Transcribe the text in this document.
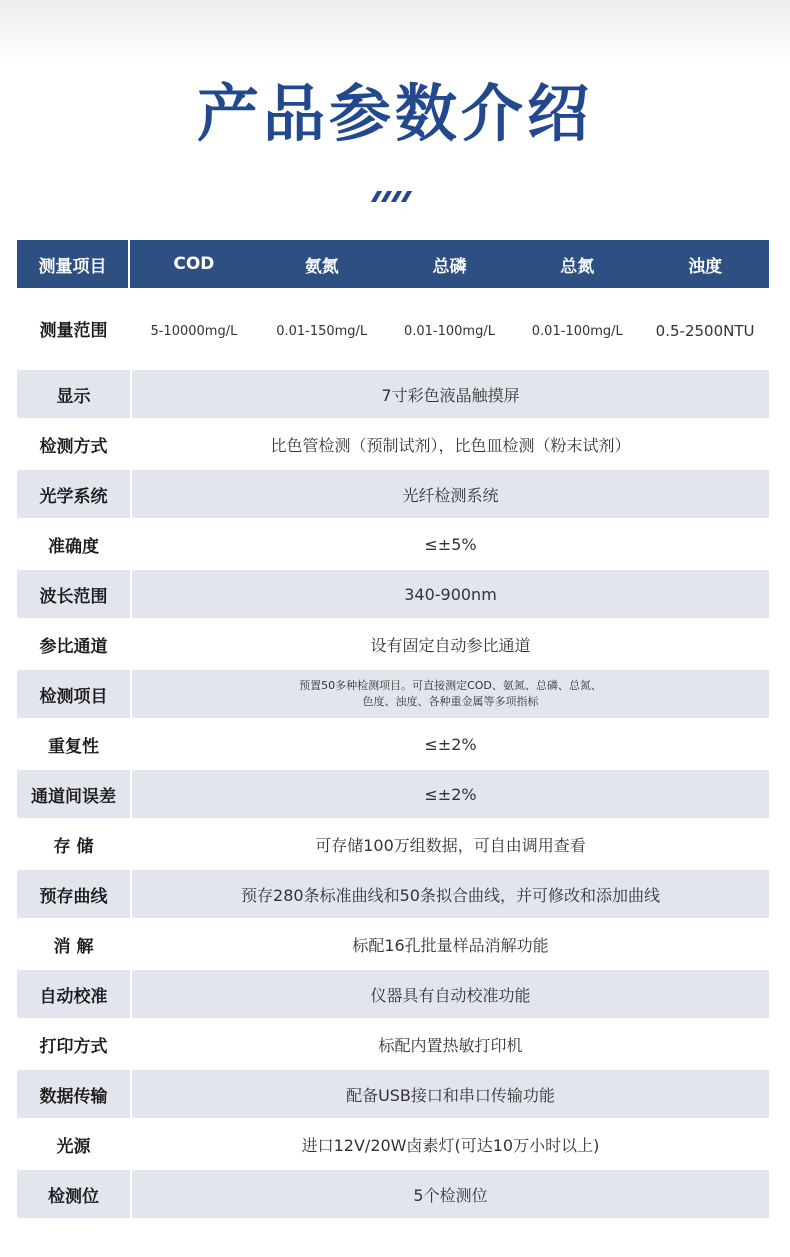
产品参数介绍
测量项目	COD	氨氮	总磷	总氮	浊度
测量范围	5-10000mg/L	0.01-150mg/L	0.01-100mg/L	0.01-100mg/L	0.5-2500NTU
显示	7寸彩色液晶触摸屏
检测方式	比色管检测（预制试剂），比色皿检测（粉末试剂）
光学系统	光纤检测系统
准确度	≤±5%
波长范围	340-900nm
参比通道	设有固定自动参比通道
检测项目
预置50多种检测项目。可直接测定COD、氨氮、总磷、总氮、
色度、浊度、各种重金属等多项指标
重复性	≤±2%
通道间误差	≤±2%
存 储	可存储100万组数据，可自由调用查看
预存曲线	预存280条标准曲线和50条拟合曲线，并可修改和添加曲线
消 解	标配16孔批量样品消解功能
自动校准	仪器具有自动校准功能
打印方式	标配内置热敏打印机
数据传输	配备USB接口和串口传输功能
光源	进口12V/20W卤素灯(可达10万小时以上)
检测位	5个检测位
